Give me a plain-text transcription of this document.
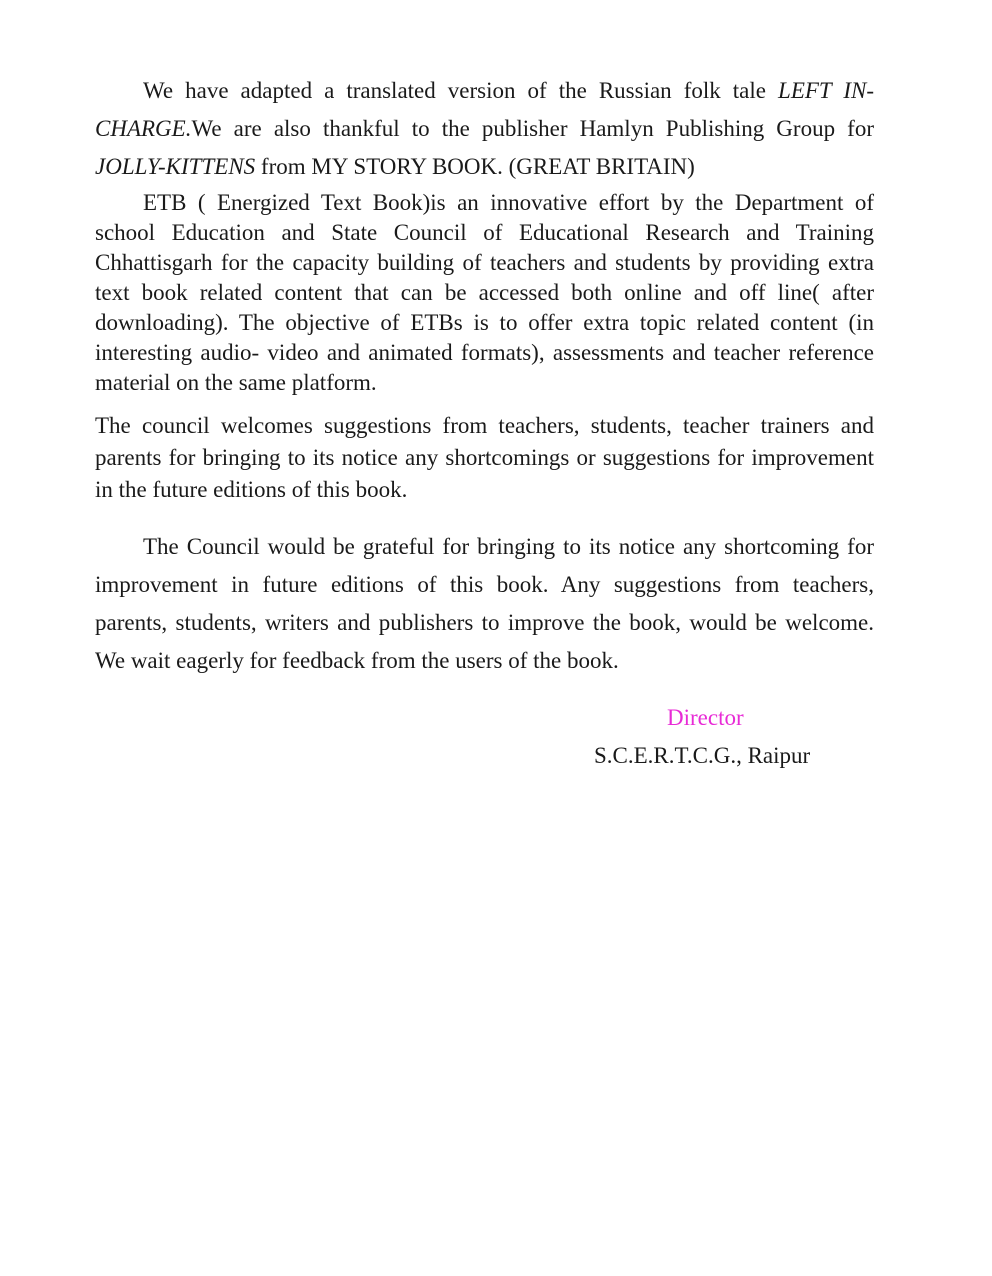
We have adapted a translated version of the Russian folk tale LEFT IN-CHARGE.We are also thankful to the publisher Hamlyn Publishing Group for JOLLY-KITTENS from MY STORY BOOK. (GREAT BRITAIN)

ETB ( Energized Text Book)is an innovative effort by the Department of school Education and State Council of Educational Research and Training Chhattisgarh for the capacity building of teachers and students by providing extra text book related content that can be accessed both online and off line( after downloading). The objective of ETBs is to offer extra topic related content (in interesting audio- video and animated formats), assessments and teacher reference material on the same platform.

The council welcomes suggestions from teachers, students, teacher trainers and parents for bringing to its notice any shortcomings or suggestions for improvement in the future editions of this book.

The Council would be grateful for bringing to its notice any shortcoming for improvement in future editions of this book. Any suggestions from teachers, parents, students, writers and publishers to improve the book, would be welcome. We wait eagerly for feedback from the users of the book.

Director
S.C.E.R.T.C.G., Raipur
